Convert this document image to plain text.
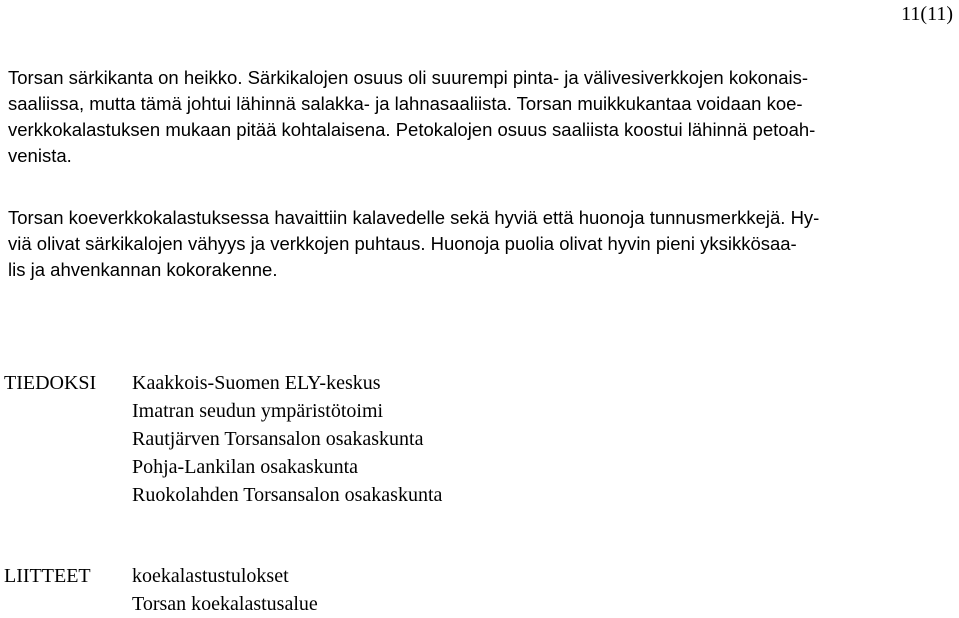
11(11)

Torsan särkikanta on heikko. Särkikalojen osuus oli suurempi pinta- ja välivesiverkkojen kokonais-
saaliissa, mutta tämä johtui lähinnä salakka- ja lahnasaaliista. Torsan muikkukantaa voidaan koe-
verkkokalastuksen mukaan pitää kohtalaisena. Petokalojen osuus saaliista koostui lähinnä petoah-
venista.

Torsan koeverkkokalastuksessa havaittiin kalavedelle sekä hyviä että huonoja tunnusmerkkejä. Hy-
viä olivat särkikalojen vähyys ja verkkojen puhtaus. Huonoja puolia olivat hyvin pieni yksikkösaa-
lis ja ahvenkannan kokorakenne.

TIEDOKSI Kaakkois-Suomen ELY-keskus
Imatran seudun ympäristötoimi
Rautjärven Torsansalon osakaskunta
Pohja-Lankilan osakaskunta
Ruokolahden Torsansalon osakaskunta
LIITTEET koekalastustulokset
Torsan koekalastusalue
